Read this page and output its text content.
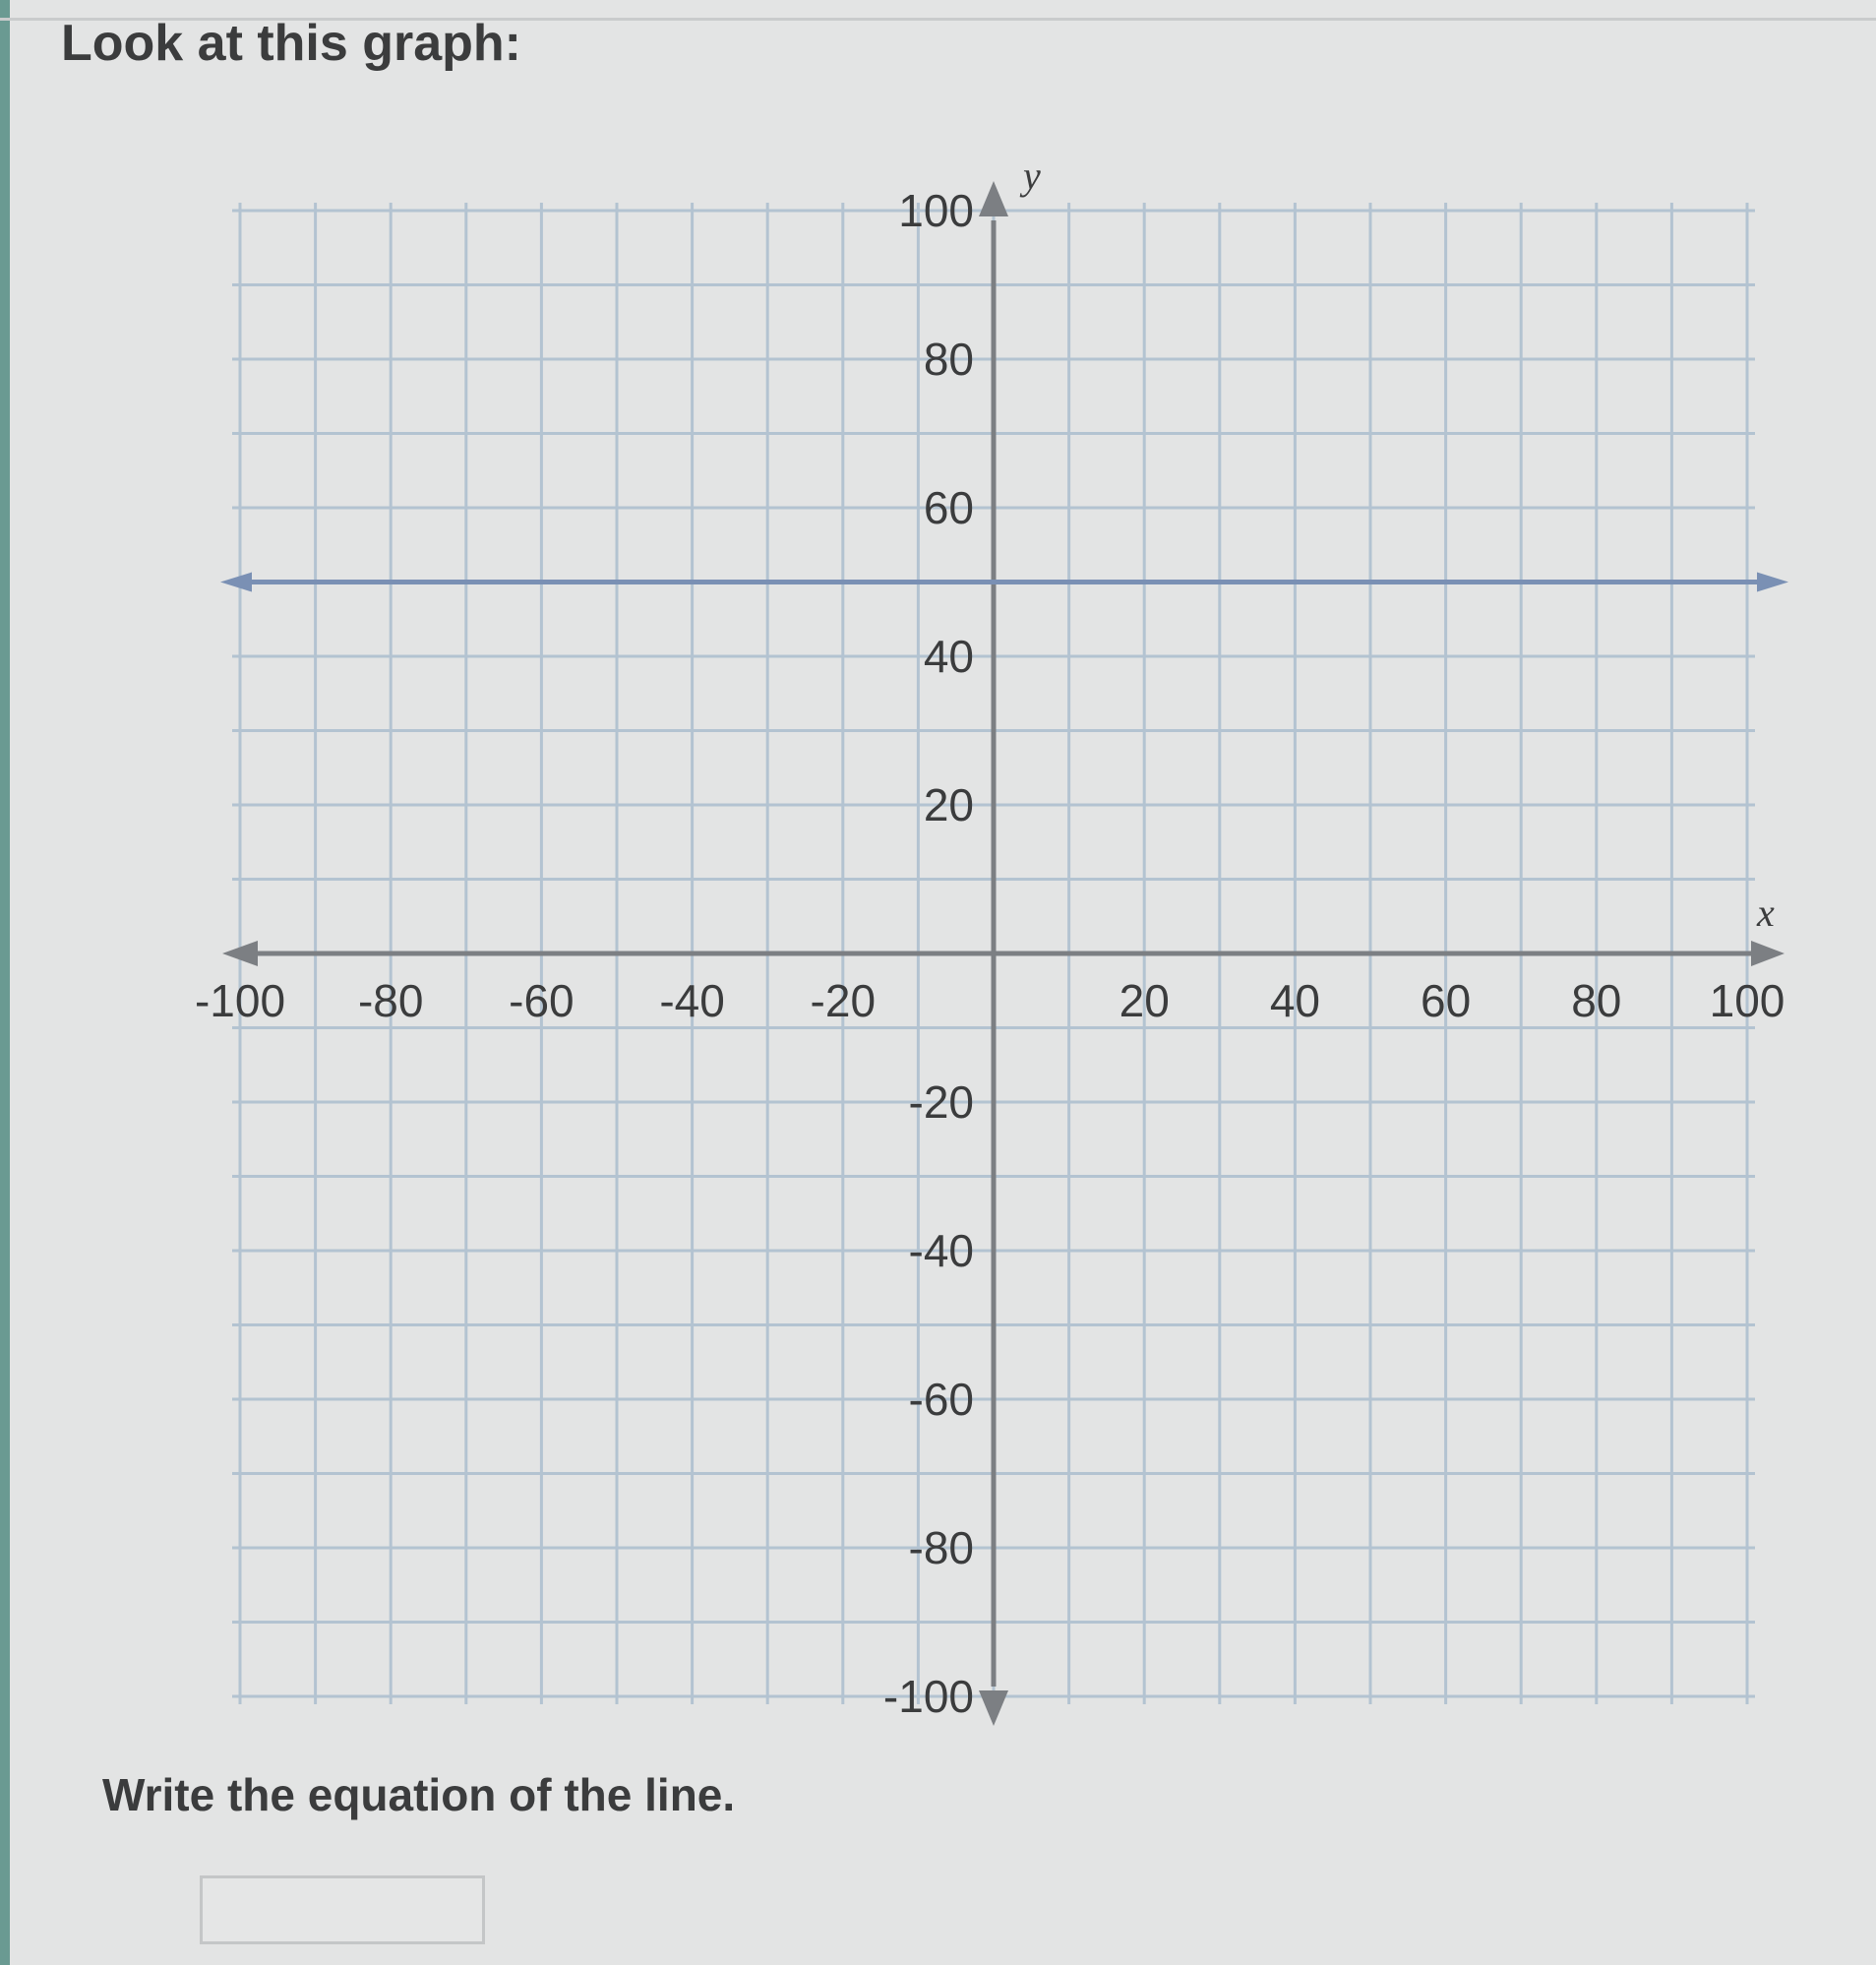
Look at this graph:
y
x
-100 -80 -60 -40 -20	20 40 60 80 100
100
80
60
40
20
-20
-40
-60
-80
-100
Write the equation of the line.
